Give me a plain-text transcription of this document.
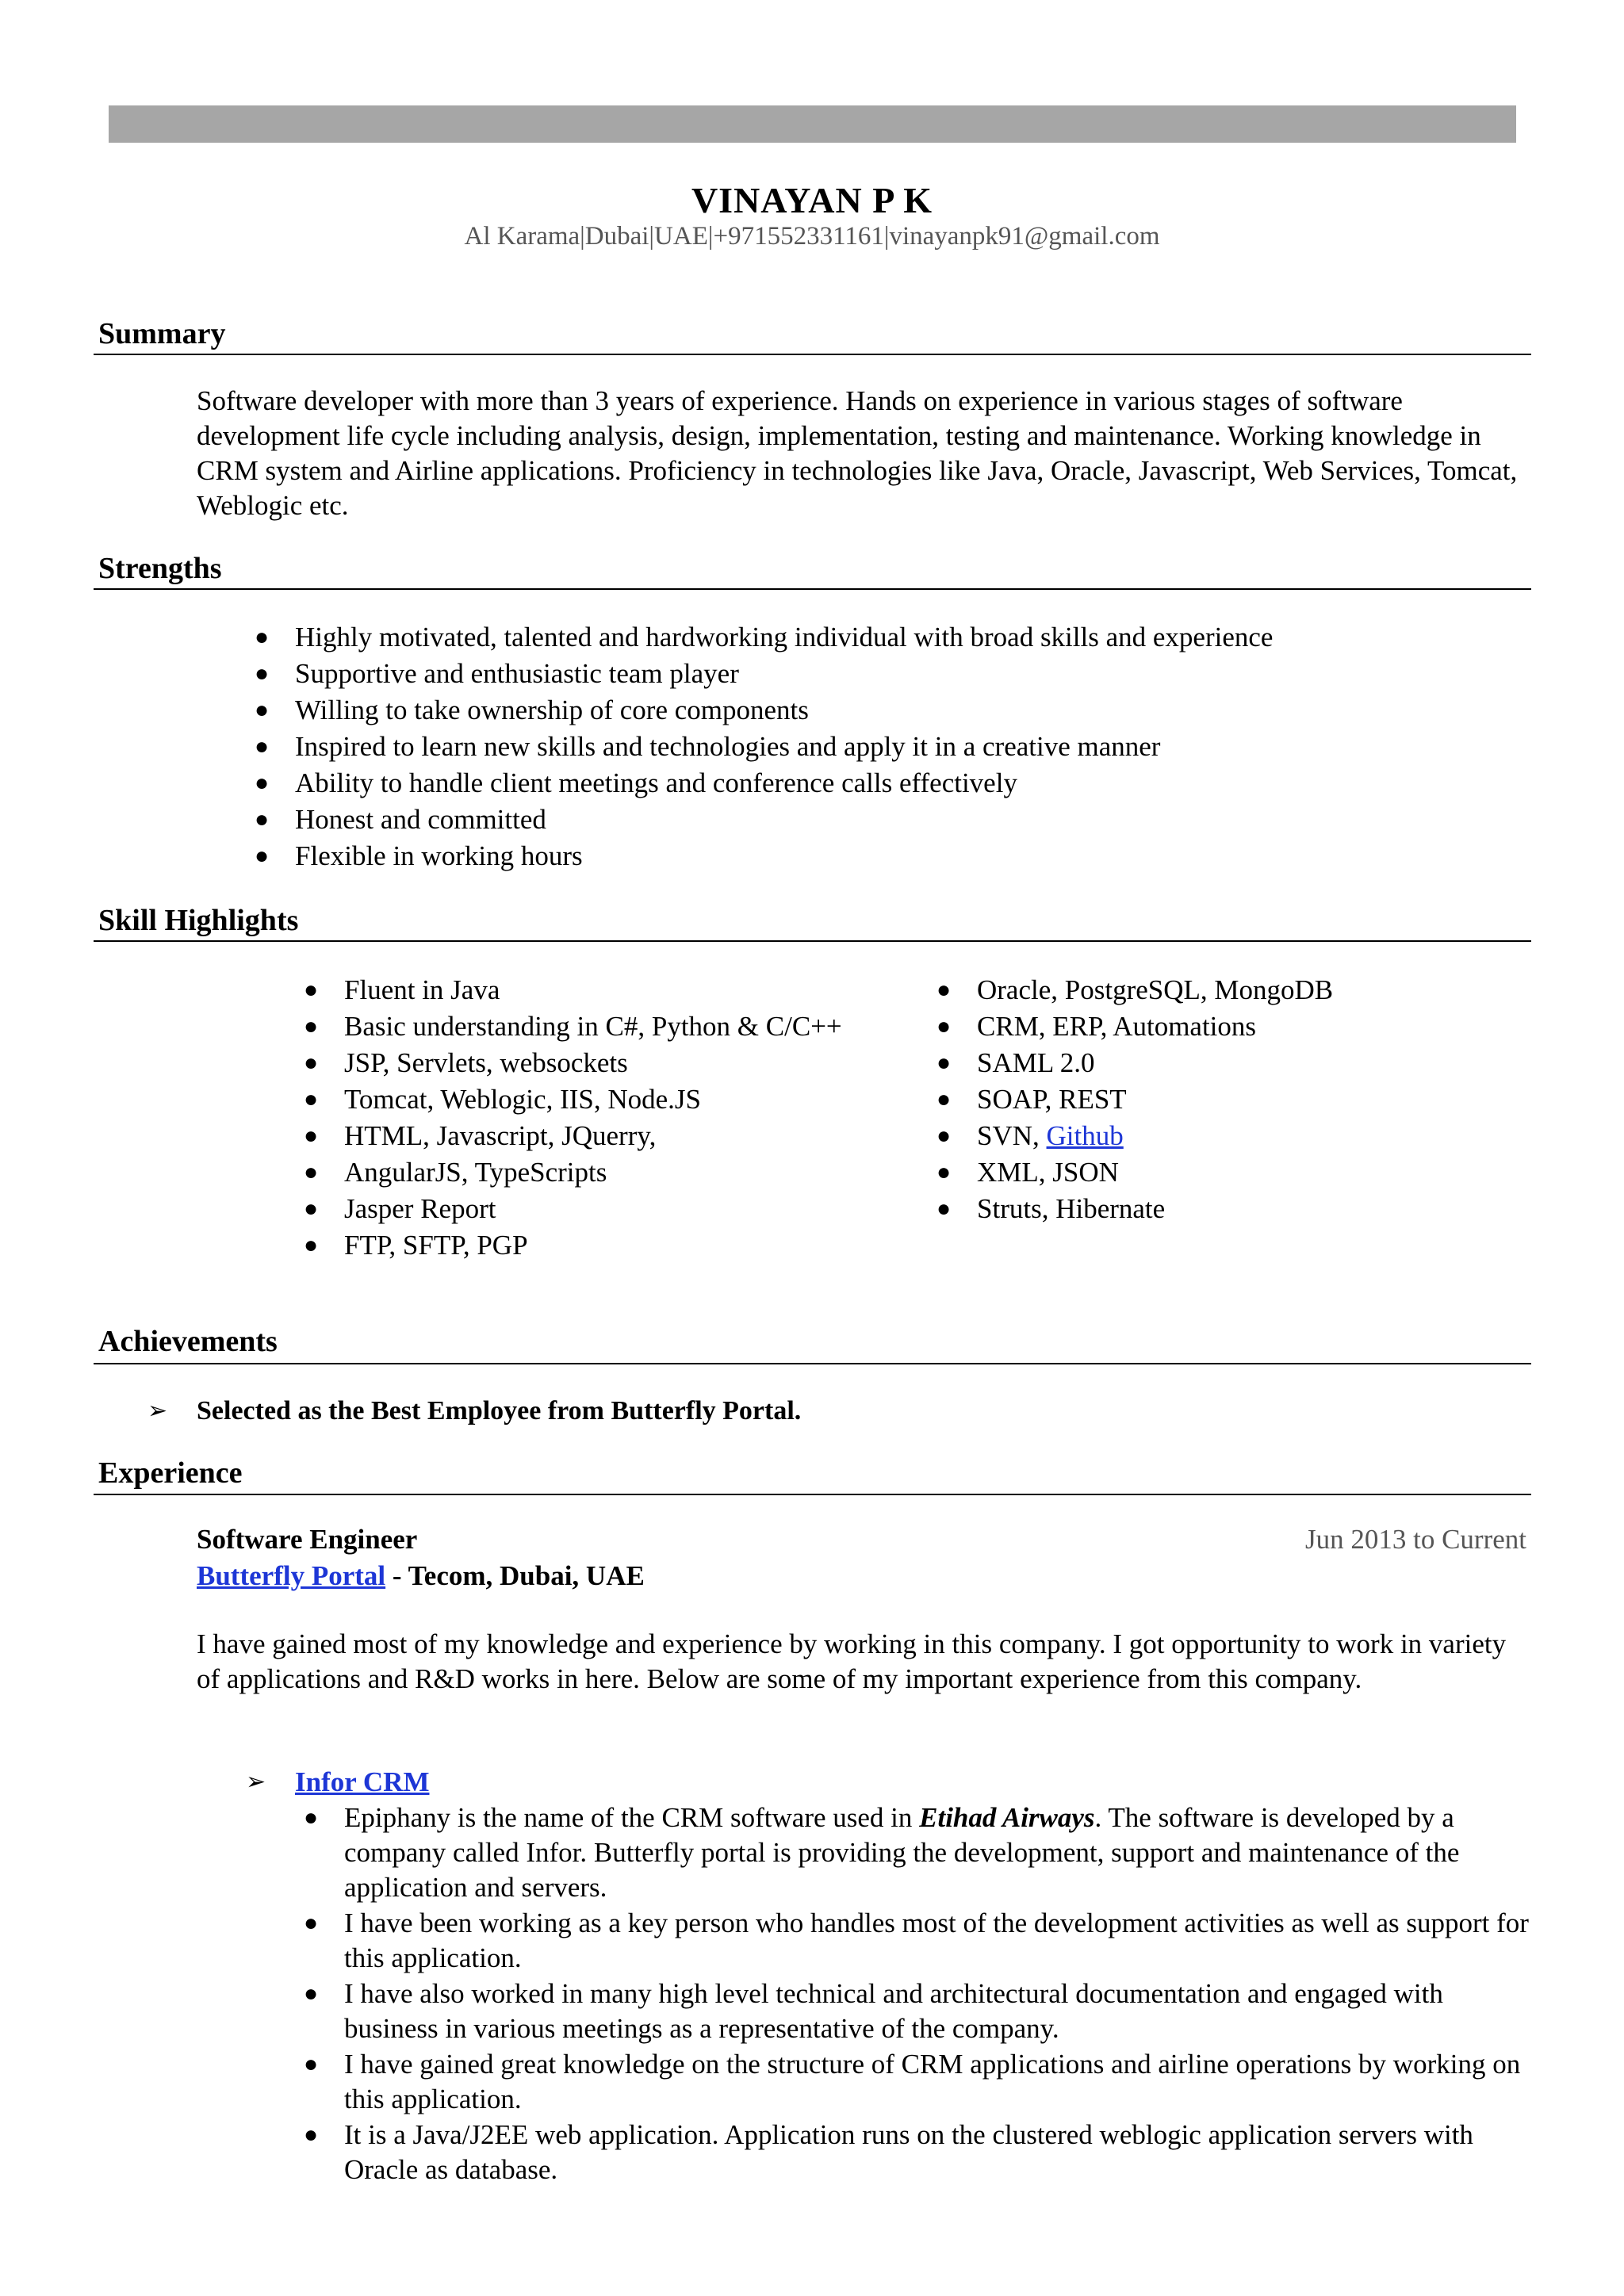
VINAYAN P K
Al Karama|Dubai|UAE|+971552331161|vinayanpk91@gmail.com
Summary

Software developer with more than 3 years of experience. Hands on experience in various stages of software development life cycle including analysis, design, implementation, testing and maintenance. Working knowledge in CRM system and Airline applications. Proficiency in technologies like Java, Oracle, Javascript, Web Services, Tomcat, Weblogic etc.

Strengths
● Highly motivated, talented and hardworking individual with broad skills and experience
● Supportive and enthusiastic team player
● Willing to take ownership of core components
● Inspired to learn new skills and technologies and apply it in a creative manner
● Ability to handle client meetings and conference calls effectively
● Honest and committed
● Flexible in working hours
Skill Highlights
● Fluent in Java
● Basic understanding in C#, Python & C/C++
● JSP, Servlets, websockets
● Tomcat, Weblogic, IIS, Node.JS
● HTML, Javascript, JQuerry,
● AngularJS, TypeScripts
● Jasper Report
● FTP, SFTP, PGP
● Oracle, PostgreSQL, MongoDB
● CRM, ERP, Automations
● SAML 2.0
● SOAP, REST
● SVN, Github
● XML, JSON
● Struts, Hibernate
Achievements
➢ Selected as the Best Employee from Butterfly Portal.
Experience
Software Engineer	Jun 2013 to Current
Butterfly Portal - Tecom, Dubai, UAE

I have gained most of my knowledge and experience by working in this company. I got opportunity to work in variety of applications and R&D works in here. Below are some of my important experience from this company.

➢ Infor CRM
● Epiphany is the name of the CRM software used in Etihad Airways. The software is developed by a company called Infor. Butterfly portal is providing the development, support and maintenance of the application and servers.
● I have been working as a key person who handles most of the development activities as well as support for this application.
● I have also worked in many high level technical and architectural documentation and engaged with business in various meetings as a representative of the company.
● I have gained great knowledge on the structure of CRM applications and airline operations by working on this application.
● It is a Java/J2EE web application. Application runs on the clustered weblogic application servers with Oracle as database.
